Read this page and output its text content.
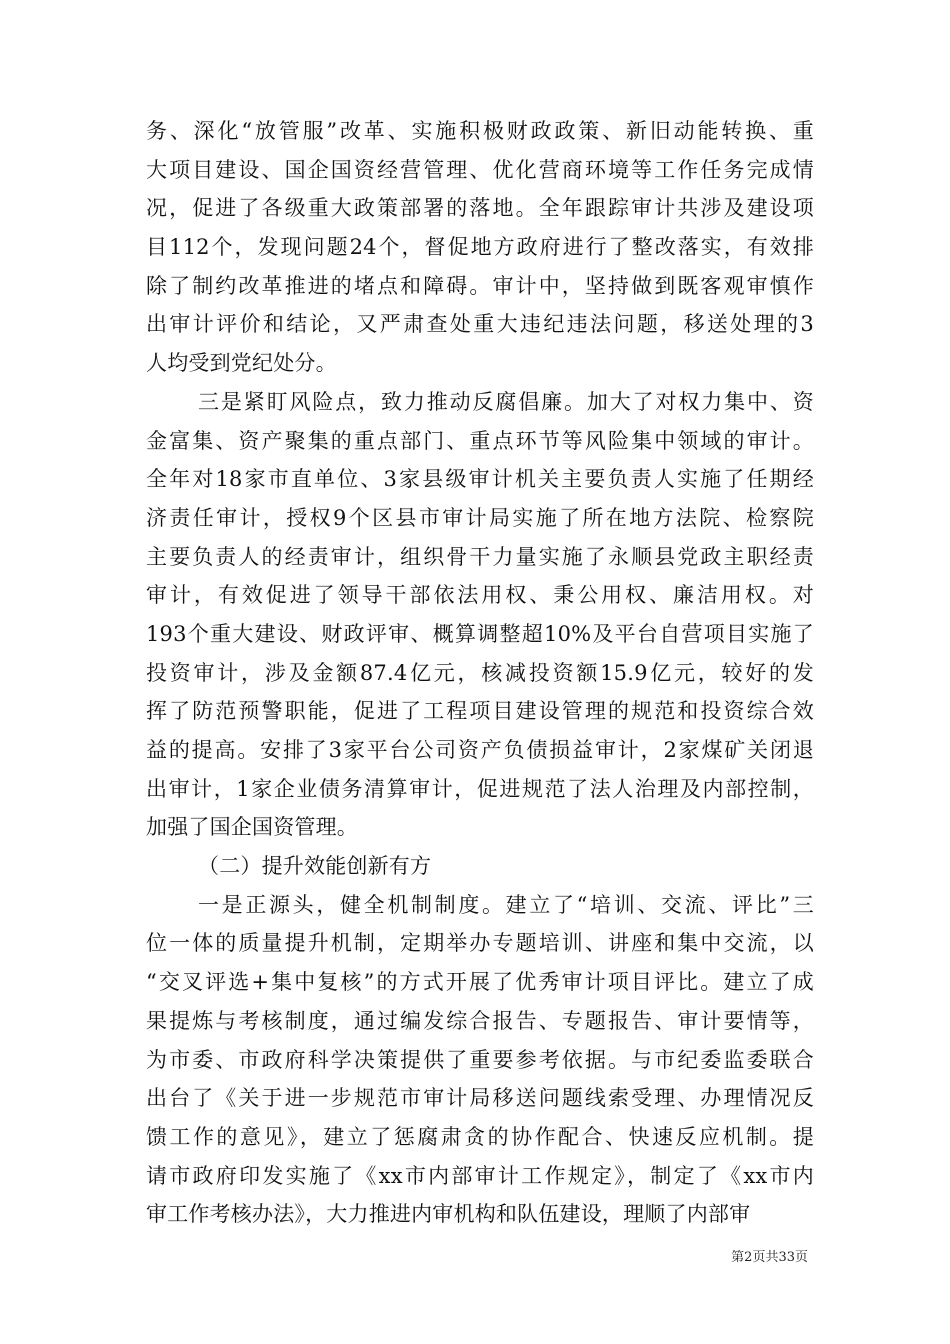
务、深化“放管服”改革、实施积极财政政策、新旧动能转换、重
大项目建设、国企国资经营管理、优化营商环境等工作任务完成情
况，促进了各级重大政策部署的落地。全年跟踪审计共涉及建设项
目112个，发现问题24个，督促地方政府进行了整改落实，有效排
除了制约改革推进的堵点和障碍。审计中，坚持做到既客观审慎作
出审计评价和结论，又严肃查处重大违纪违法问题，移送处理的3
人均受到党纪处分。
三是紧盯风险点，致力推动反腐倡廉。加大了对权力集中、资
金富集、资产聚集的重点部门、重点环节等风险集中领域的审计。
全年对18家市直单位、3家县级审计机关主要负责人实施了任期经
济责任审计，授权9个区县市审计局实施了所在地方法院、检察院
主要负责人的经责审计，组织骨干力量实施了永顺县党政主职经责
审计，有效促进了领导干部依法用权、秉公用权、廉洁用权。对
193个重大建设、财政评审、概算调整超10%及平台自营项目实施了
投资审计，涉及金额87.4亿元，核减投资额15.9亿元，较好的发
挥了防范预警职能，促进了工程项目建设管理的规范和投资综合效
益的提高。安排了3家平台公司资产负债损益审计，2家煤矿关闭退
出审计，1家企业债务清算审计，促进规范了法人治理及内部控制，
加强了国企国资管理。
（二）提升效能创新有方
一是正源头，健全机制制度。建立了“培训、交流、评比”三
位一体的质量提升机制，定期举办专题培训、讲座和集中交流，以
“交叉评选+集中复核”的方式开展了优秀审计项目评比。建立了成
果提炼与考核制度，通过编发综合报告、专题报告、审计要情等，
为市委、市政府科学决策提供了重要参考依据。与市纪委监委联合
出台了《关于进一步规范市审计局移送问题线索受理、办理情况反
馈工作的意见》，建立了惩腐肃贪的协作配合、快速反应机制。提
请市政府印发实施了《xx市内部审计工作规定》，制定了《xx市内
审工作考核办法》，大力推进内审机构和队伍建设，理顺了内部审
第2页共33页
